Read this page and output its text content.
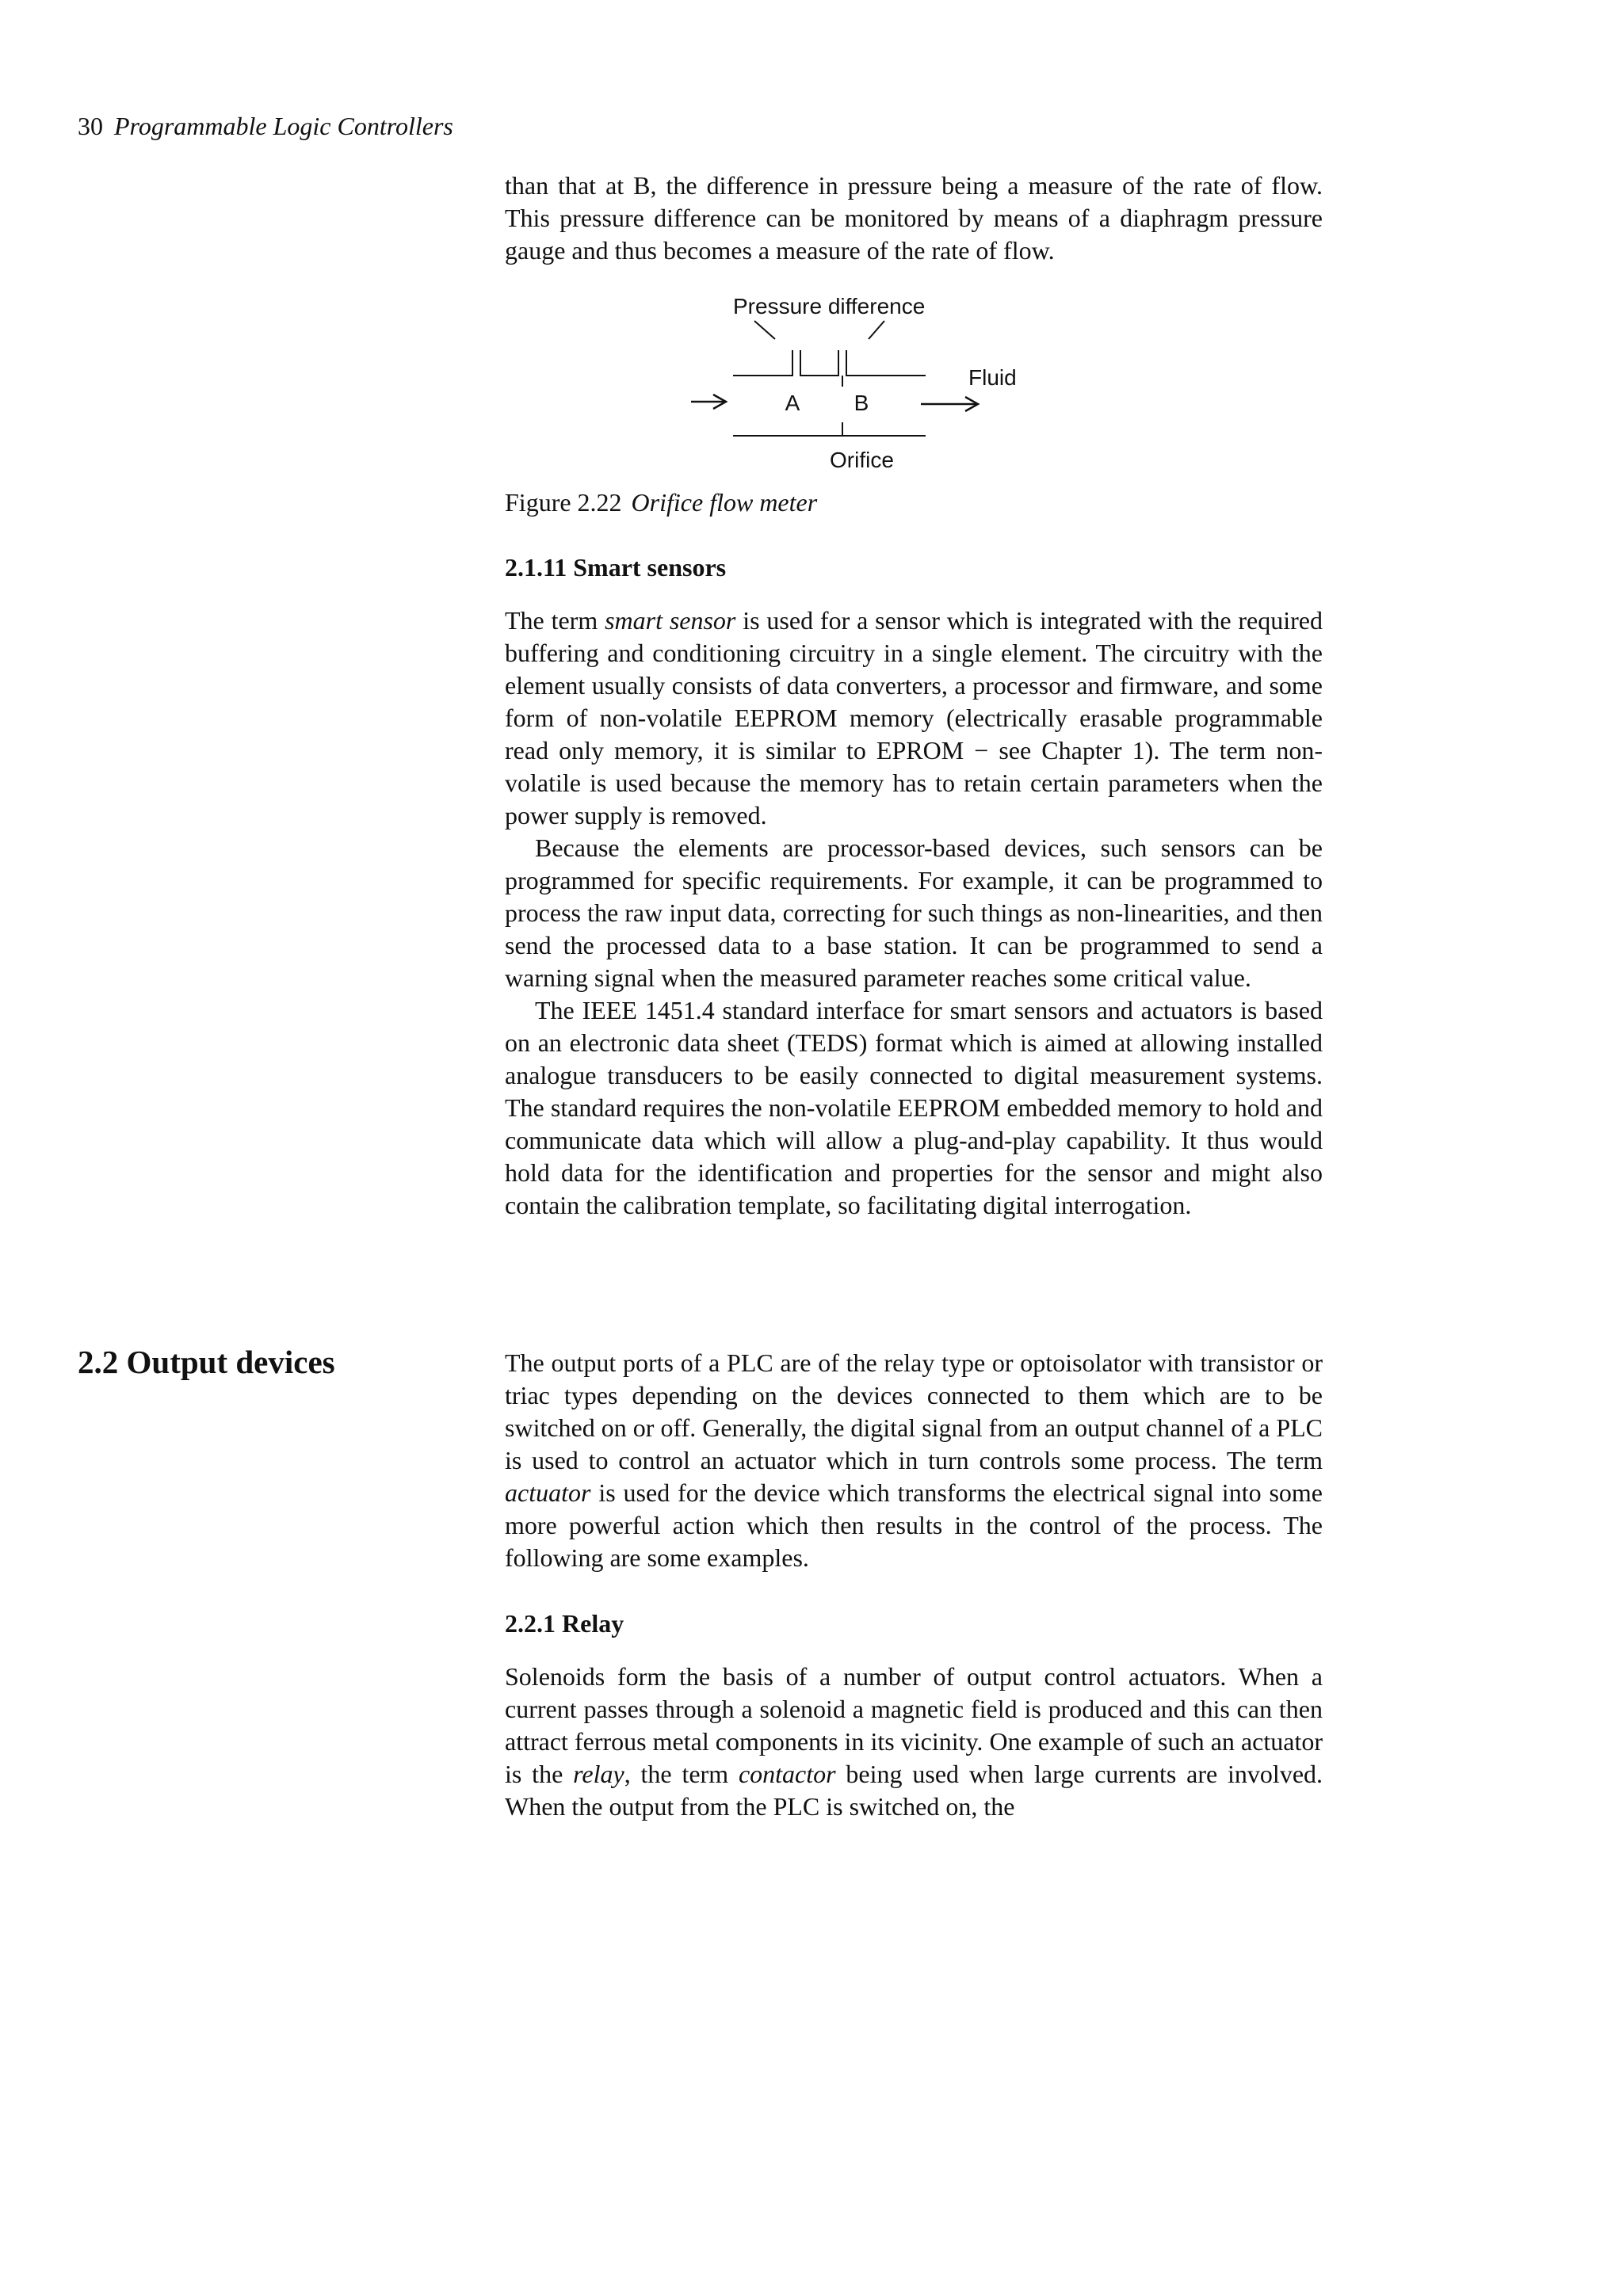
30 Programmable Logic Controllers

than that at B, the difference in pressure being a measure of the rate of flow. This pressure difference can be monitored by means of a diaphragm pressure gauge and thus becomes a measure of the rate of flow.

Pressure difference
A B
Fluid
Orifice
Figure 2.22 Orifice flow meter

2.1.11 Smart sensors

The term smart sensor is used for a sensor which is integrated with the required buffering and conditioning circuitry in a single element. The circuitry with the element usually consists of data converters, a processor and firmware, and some form of non-volatile EEPROM memory (electrically erasable programmable read only memory, it is similar to EPROM − see Chapter 1). The term non-volatile is used because the memory has to retain certain parameters when the power supply is removed.

Because the elements are processor-based devices, such sensors can be programmed for specific requirements. For example, it can be programmed to process the raw input data, correcting for such things as non-linearities, and then send the processed data to a base station. It can be programmed to send a warning signal when the measured parameter reaches some critical value.

The IEEE 1451.4 standard interface for smart sensors and actuators is based on an electronic data sheet (TEDS) format which is aimed at allowing installed analogue transducers to be easily connected to digital measurement systems. The standard requires the non-volatile EEPROM embedded memory to hold and communicate data which will allow a plug-and-play capability. It thus would hold data for the identification and properties for the sensor and might also contain the calibration template, so facilitating digital interrogation.

2.2 Output devices	The output ports of a PLC are of the relay type or optoisolator with transistor or triac types depending on the devices connected to them which are to be switched on or off. Generally, the digital signal from an output channel of a PLC is used to control an actuator which in turn controls some process. The term actuator is used for the device which transforms the electrical signal into some more powerful action which then results in the control of the process. The following are some examples.

2.2.1 Relay

Solenoids form the basis of a number of output control actuators. When a current passes through a solenoid a magnetic field is produced and this can then attract ferrous metal components in its vicinity. One example of such an actuator is the relay, the term contactor being used when large currents are involved. When the output from the PLC is switched on, the
